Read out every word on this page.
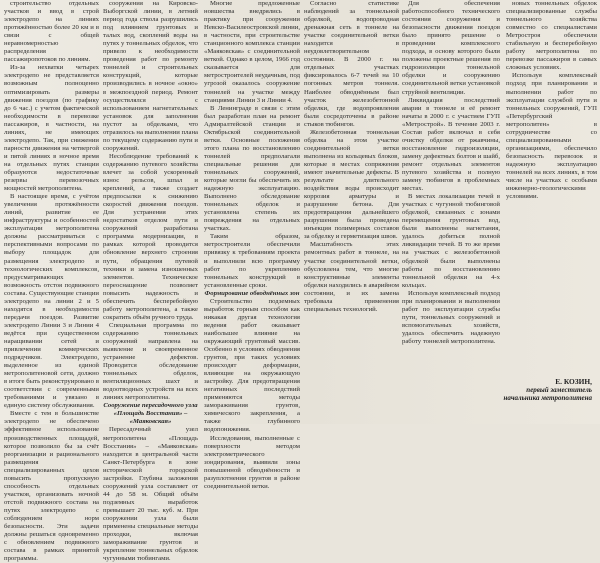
строительство отдельных участков и ввод в строй электродепо на линиях протяжённостью более 20 км и в связи с общей неравномерностью распределения пассажиропотоков по линиям.

Из-за нехватки четырех электродепо не представляется возможным полноценно оптимизировать размеры движения поездов (по графику до 6 час.) с учетом фактической необходимости в перевозке пассажиров, в частности, на линиях, не имеющих электродепо. Так, при снижении парности движения на четвергой и пятой линиях в ночное время на отдельных путях станции образуются недостаточные резервы перевозочных мощностей метрополитена.

В настоящее время, с учётом увеличения протяжённости линий, развитие ее инфраструктуры и особенностей эксплуатации метрополитена должны рассматриваться с перспективными вопросами по выбору площадок для размещения электродепо и технологических комплексов, предусматривающих возможность отстоя подвижного состава. Существующие станции электродепо на линии 2 и 5 находятся в необходимости передачи поездов. Развитие электродепо Линии 3 и Линии 4 ведётся при существенном наращивании сетей и привлечении коммерческих подрядчиков. Электродепо, выделенное из единой метрополитеновой сети, должно в итоге быть реконструировано в соответствии с современными требованиями и увязано в единую систему обслуживания.

Вместе с тем в большинстве электродепо не обеспечено эффективное использование производственных площадей, которое позволило бы за счёт реорганизации и рационального размещения специализированных цехов повысить пропускную способность отдельных участков, организовать ночной отстой подвижного состава на путях электродепо с соблюдением норм безопасности. Эти задачи должны решаться одновременно с обновлением подвижного состава в рамках принятой программы.

сооружения на Кировско-Выборгской линии, в летний период года ствола разрушились под влиянием грунтовых и талых вод, скоплений воды на путях у тоннельных обделок, что привело к необходимости проведения работ по ремонту тоннелей и строительных конструкций, которые производились в ночное «окно» в межпоездной период. Ремонт осуществлялся с использованием нагнетательных установок для заполнения пустот за обделками, что отразилось на выполнении плана по текущему содержанию пути и сооружений.

Несоблюдение требований к содержанию путевого хозяйства влечет за собой ускоренный износ рельсов, шпал и креплений, а также создает предпосылки к снижению скоростей движения поездов. Для устранения этих недостатков отделом пути и сооружений разработана программа модернизации, в рамках которой проводится обновление верхнего строения пути, обращения путевой техники и замена изношенных элементов. Техническое переоснащение позволяет повысить надежность и обеспечить бесперебойную работу метрополитена, а также сократить объём ручного труда.

Специальная программа по содержанию тоннельных сооружений направлена на выявление и своевременное устранение дефектов. Проводится обследование тоннельных обделок, вентиляционных шахт и водоотводных устройств на всех линиях метрополитена.

Сооружение пересадочного узла «Площадь Восстания» – «Маяковская»

Пересадочный узел метрополитена «Площадь Восстания» – «Маяковская» находится в центральной части Санкт-Петербурга в зоне исторической городской застройки. Глубина заложения сооружений узла составляет от 44 до 58 м. Общий объём подземных выработок превышает 20 тыс. куб. м. При сооружении узла были применены специальные методы проходки, включая замораживание грунтов и укрепление тоннельных обделок чугунными тюбингами.

Многие предложенные новшества внедрялись в практику при сооружении Невско-Василеостровской линии, в частности, при строительстве станционного комплекса станции «Маяковская» с соединительной веткой. Однако в целом, 1966 год сказывается для метростроителей неудачным, под угрозой оказалось сооружение тоннелей на участке между станциями Линии 3 и Линии 4.

В Ленинграде в связи с этим был разработан план на ремонт Адмиралтейской станции и Октябрьской соединительной ветки. Основные положения этого плана по восстановлению тоннелей предполагали специальные решения для тоннельных сооружений, которые могли бы обеспечить их надежную эксплуатацию. Выполнено обследование тоннельных обделок и установлена степень их повреждения на отдельных участках.

Таким образом, метростроители обеспечили привязку к требованиям проекта и выполнили всю программу работ по укреплению тоннельных конструкций в установленные сроки.

Формирование обводнённых зон

Строительство подземных выработок горным способом как никакая другая технология ведения работ оказывает наибольшее влияние на окружающий грунтовый массив. Особенно в условиях обводнения грунтов, при таких условиях происходят деформации, влияющие на окружающую застройку. Для предотвращения негативных последствий применяются методы замораживания грунтов, химического закрепления, а также глубинного водопонижения.

Исследования, выполненные с поверхности методом электрометрического зондирования, выявили зоны повышенной обводнённости и разуплотнения грунтов в районе соединительной ветки.

Согласно статистике наблюдений за тоннельной обделкой, водопроводная дренажная сеть в тоннеле на участке соединительной ветки находится в неудовлетворительном состоянии. В 2000 г. на отдельных участках фиксировалось 6-7 течей на 10 погонных метров тоннеля. Наиболее обводнённым был участок железобетонной обделки, где водопроявления были сосредоточены в районе стыков тюбингов.

Железобетонная тоннельная обделка на этом участке соединительной ветки выполнена из кольцевых блоков, которые в местах сопряжения имеют значительные дефекты. В результате длительного воздействия воды происходит коррозия арматуры и разрушение бетона. Для предотвращения дальнейшего разрушения была проведена инъекция полимерных составов за обделку и герметизация швов.

Масштабность этих ремонтных работ в тоннеле, на участке соединительной ветки, обусловлена тем, что многие конструктивные элементы обделки находились в аварийном состоянии, и их замена требовала применения специальных технологий.

Для обеспечения работоспособного технического состояния сооружения и безопасности движения поездов было принято решение о проведении комплексного подхода, в основу которого были положены проектные решения по гидроизоляции тоннельной обделки и сооружению соединительной ветки установкой струйной вентиляции.

Ликвидация последствий аварии в тоннеле и её ремонт начаты в 2000 г. с участием ГУП «Метрострой». В течение 2003 г. Состав работ включал в себя очистку обделки от ржавчины, восстановление гидроизоляции, замену дефектных болтов и шайб, ремонт отдельных элементов путевого хозяйства и полную замену тюбингов в проблемных местах.

В местах локализации течей в участках с чугунной тюбинговой обделкой, связанных с зонами перемещения грунтовых вод, были выполнены нагнетания, удалось добиться полной ликвидации течей. В то же время на участках с железобетонной обделкой были выполнены работы по восстановлению тоннельной обделки на 4-х кольцах.

Используя комплексный подход при планировании и выполнении работ по эксплуатации службы пути, тоннельных сооружений и вспомогательных хозяйств, удалось обеспечить надежную работу тоннелей метрополитена.

новых тоннельных обделок специализированные службы тоннельного хозяйства совместно со специалистами Метростроя обеспечили стабильную и бесперебойную работу метрополитена по перевозке пассажиров в самых сложных условиях.

Используя комплексный подход при планировании и выполнении работ по эксплуатации службой пути и тоннельных сооружений, ГУП «Петербургский метрополитен» в сотрудничестве со специализированными организациями, обеспечило безопасность перевозок и надежную эксплуатацию тоннелей на всех линиях, в том числе на участках с особыми инженерно-геологическими условиями.

Е. КОЗИН,
первый заместитель начальника метрополитена
